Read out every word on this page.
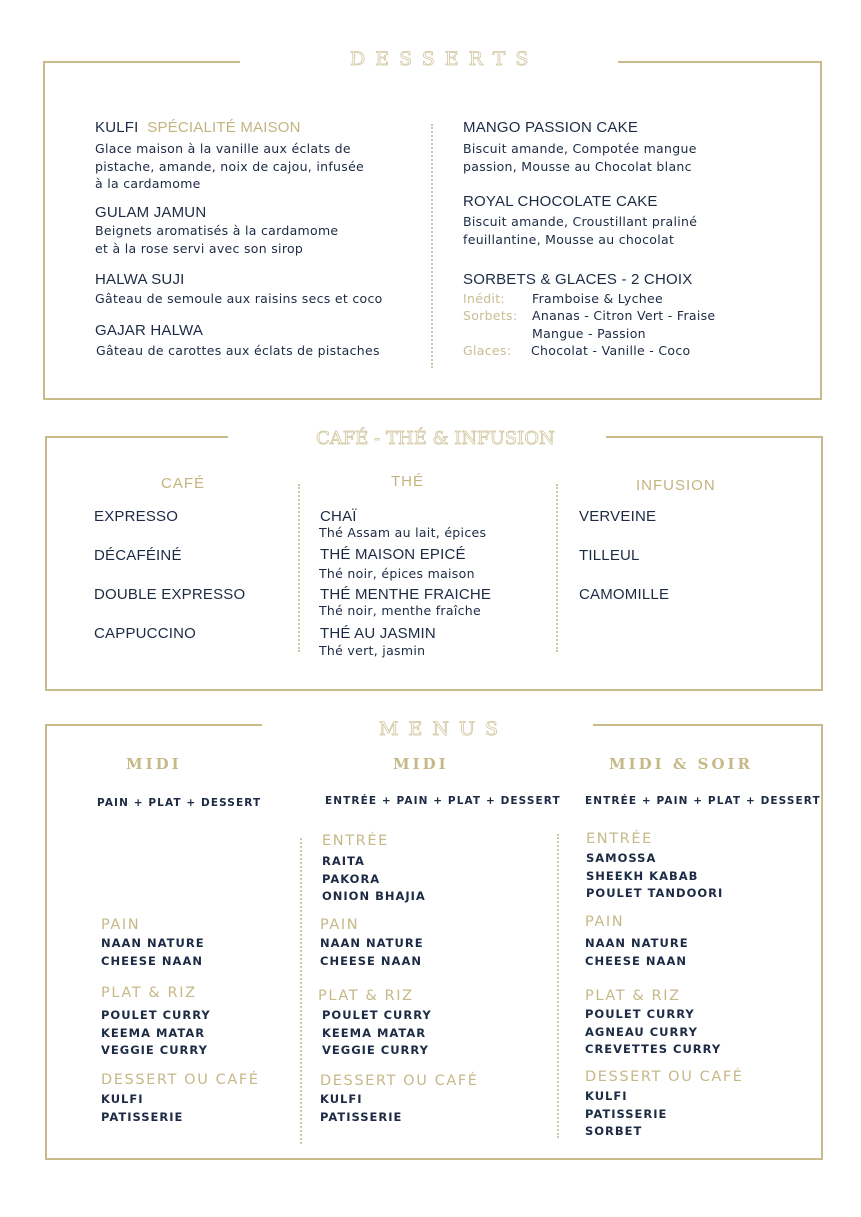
DESSERTS
KULFI SPÉCIALITÉ MAISON
Glace maison à la vanille aux éclats de
pistache, amande, noix de cajou, infusée
à la cardamome
GULAM JAMUN
Beignets aromatisés à la cardamome
et à la rose servi avec son sirop
HALWA SUJI
Gâteau de semoule aux raisins secs et coco
GAJAR HALWA
Gâteau de carottes aux éclats de pistaches
MANGO PASSION CAKE
Biscuit amande, Compotée mangue
passion, Mousse au Chocolat blanc
ROYAL CHOCOLATE CAKE
Biscuit amande, Croustillant praliné
feuillantine, Mousse au chocolat
SORBETS & GLACES - 2 CHOIX
Inédit: Framboise & Lychee
Sorbets: Ananas - Citron Vert - Fraise
Mangue - Passion
Glaces: Chocolat - Vanille - Coco
CAFÉ - THÉ & INFUSION
CAFÉ
EXPRESSO
DÉCAFÉINÉ
DOUBLE EXPRESSO
CAPPUCCINO
THÉ
CHAÏ
Thé Assam au lait, épices
THÉ MAISON EPICÉ
Thé noir, épices maison
THÉ MENTHE FRAICHE
Thé noir, menthe fraîche
THÉ AU JASMIN
Thé vert, jasmin
INFUSION
VERVEINE
TILLEUL
CAMOMILLE
MENUS
MIDI
PAIN + PLAT + DESSERT
PAIN
NAAN NATURE
CHEESE NAAN
PLAT & RIZ
POULET CURRY
KEEMA MATAR
VEGGIE CURRY
DESSERT OU CAFÉ
KULFI
PATISSERIE
MIDI
ENTRÉE + PAIN + PLAT + DESSERT
ENTRÉE
RAITA
PAKORA
ONION BHAJIA
PAIN
NAAN NATURE
CHEESE NAAN
PLAT & RIZ
POULET CURRY
KEEMA MATAR
VEGGIE CURRY
DESSERT OU CAFÉ
KULFI
PATISSERIE
MIDI & SOIR
ENTRÉE + PAIN + PLAT + DESSERT
ENTRÉE
SAMOSSA
SHEEKH KABAB
POULET TANDOORI
PAIN
NAAN NATURE
CHEESE NAAN
PLAT & RIZ
POULET CURRY
AGNEAU CURRY
CREVETTES CURRY
DESSERT OU CAFÉ
KULFI
PATISSERIE
SORBET
